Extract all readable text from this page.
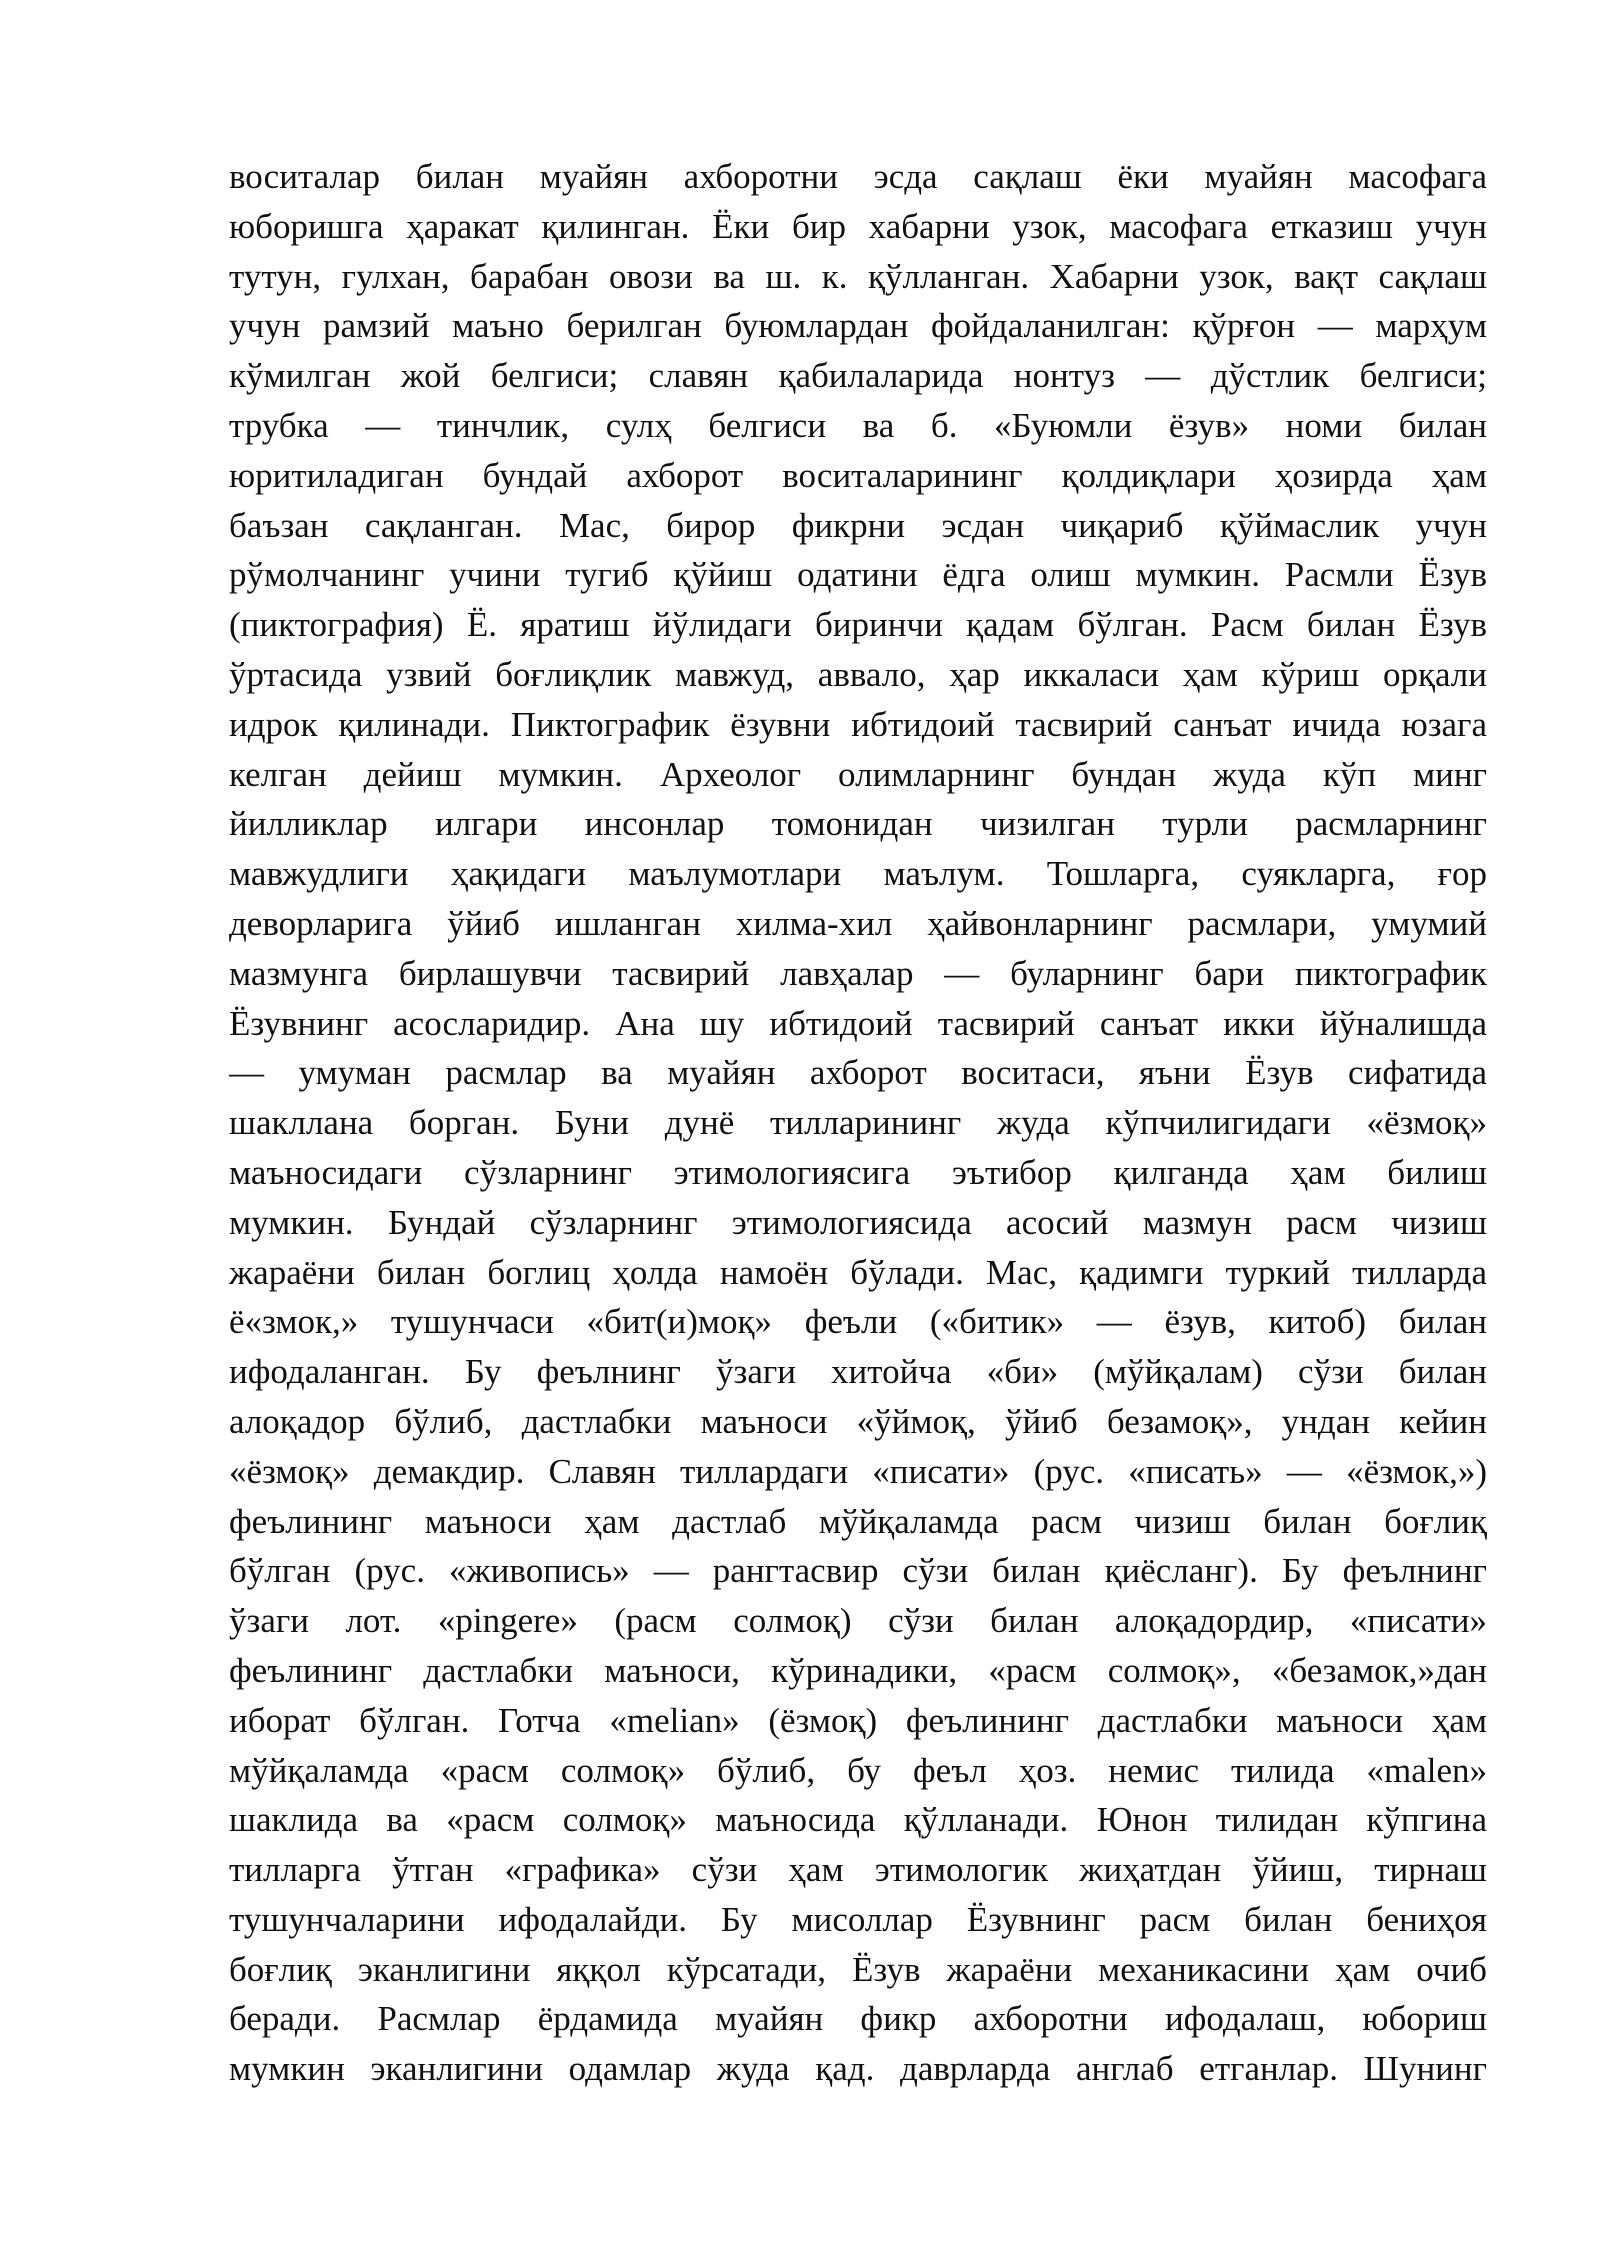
воситалар билан муайян ахборотни эсда сақлаш ёки муайян масофага
юборишга ҳаракат қилинган. Ёки бир хабарни узок, масофага етказиш учун
тутун, гулхан, барабан овози ва ш. к. қўлланган. Хабарни узок, вақт сақлаш
учун рамзий маъно берилган буюмлардан фойдаланилган: қўрғон — марҳум
кўмилган жой белгиси; славян қабилаларида нонтуз — дўстлик белгиси;
трубка — тинчлик, сулҳ белгиси ва б. «Буюмли ёзув» номи билан
юритиладиган бундай ахборот воситаларининг қолдиқлари ҳозирда ҳам
баъзан сақланган. Мас, бирор фикрни эсдан чиқариб қўймаслик учун
рўмолчанинг учини тугиб қўйиш одатини ёдга олиш мумкин. Расмли Ёзув
(пиктография) Ё. яратиш йўлидаги биринчи қадам бўлган. Расм билан Ёзув
ўртасида узвий боғлиқлик мавжуд, аввало, ҳар иккаласи ҳам кўриш орқали
идрок қилинади. Пиктографик ёзувни ибтидоий тасвирий санъат ичида юзага
келган дейиш мумкин. Археолог олимларнинг бундан жуда кўп минг
йилликлар илгари инсонлар томонидан чизилган турли расмларнинг
мавжудлиги ҳақидаги маълумотлари маълум. Тошларга, суякларга, ғор
деворларига ўйиб ишланган хилма-хил ҳайвонларнинг расмлари, умумий
мазмунга бирлашувчи тасвирий лавҳалар — буларнинг бари пиктографик
Ёзувнинг асосларидир. Ана шу ибтидоий тасвирий санъат икки йўналишда
— умуман расмлар ва муайян ахборот воситаси, яъни Ёзув сифатида
шакллана борган. Буни дунё тилларининг жуда кўпчилигидаги «ёзмоқ»
маъносидаги сўзларнинг этимологиясига эътибор қилганда ҳам билиш
мумкин. Бундай сўзларнинг этимологиясида асосий мазмун расм чизиш
жараёни билан боглиц ҳолда намоён бўлади. Мас, қадимги туркий тилларда
ё«змок,» тушунчаси «бит(и)моқ» феъли («битик» — ёзув, китоб) билан
ифодаланган. Бу феълнинг ўзаги хитойча «би» (мўйқалам) сўзи билан
алоқадор бўлиб, дастлабки маъноси «ўймоқ, ўйиб безамоқ», ундан кейин
«ёзмоқ» демакдир. Славян тиллардаги «писати» (рус. «писать» — «ёзмок,»)
феълининг маъноси ҳам дастлаб мўйқаламда расм чизиш билан боғлиқ
бўлган (рус. «живопись» — рангтасвир сўзи билан қиёсланг). Бу феълнинг
ўзаги лот. «pingere» (расм солмоқ) сўзи билан алоқадордир, «писати»
феълининг дастлабки маъноси, кўринадики, «расм солмоқ», «безамок,»дан
иборат бўлган. Готча «melian» (ёзмоқ) феълининг дастлабки маъноси ҳам
мўйқаламда «расм солмоқ» бўлиб, бу феъл ҳоз. немис тилида «malen»
шаклида ва «расм солмоқ» маъносида қўлланади. Юнон тилидан кўпгина
тилларга ўтган «графика» сўзи ҳам этимологик жиҳатдан ўйиш, тирнаш
тушунчаларини ифодалайди. Бу мисоллар Ёзувнинг расм билан бениҳоя
боғлиқ эканлигини яққол кўрсатади, Ёзув жараёни механикасини ҳам очиб
беради. Расмлар ёрдамида муайян фикр ахборотни ифодалаш, юбориш
мумкин эканлигини одамлар жуда қад. даврларда англаб етганлар. Шунинг
